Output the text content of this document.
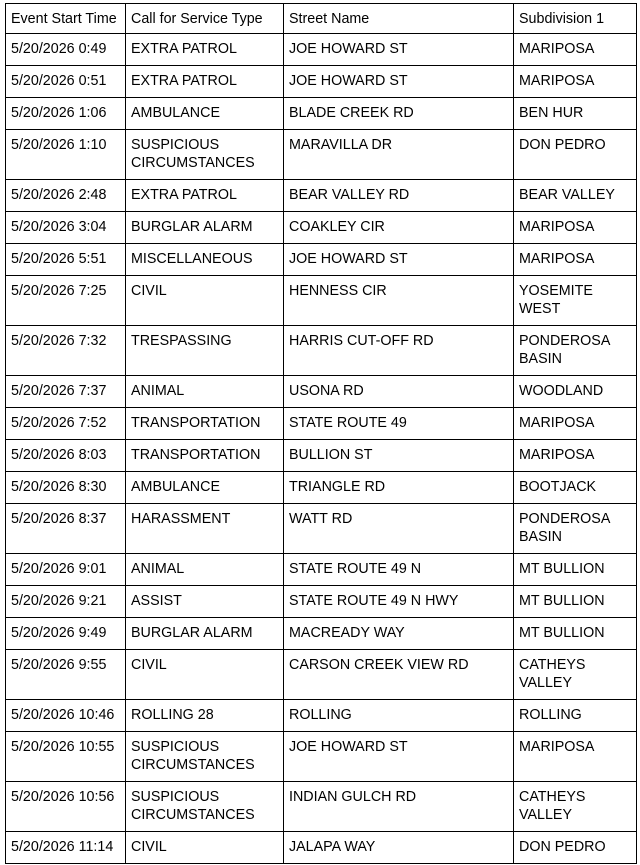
Event Start Time	Call for Service Type	Street Name	Subdivision 1
5/20/2026 0:49	EXTRA PATROL	JOE HOWARD ST	MARIPOSA
5/20/2026 0:51	EXTRA PATROL	JOE HOWARD ST	MARIPOSA
5/20/2026 1:06	AMBULANCE	BLADE CREEK RD	BEN HUR
5/20/2026 1:10	SUSPICIOUS CIRCUMSTANCES	MARAVILLA DR	DON PEDRO
5/20/2026 2:48	EXTRA PATROL	BEAR VALLEY RD	BEAR VALLEY
5/20/2026 3:04	BURGLAR ALARM	COAKLEY CIR	MARIPOSA
5/20/2026 5:51	MISCELLANEOUS	JOE HOWARD ST	MARIPOSA
5/20/2026 7:25	CIVIL	HENNESS CIR	YOSEMITE WEST
5/20/2026 7:32	TRESPASSING	HARRIS CUT-OFF RD	PONDEROSA BASIN
5/20/2026 7:37	ANIMAL	USONA RD	WOODLAND
5/20/2026 7:52	TRANSPORTATION	STATE ROUTE 49	MARIPOSA
5/20/2026 8:03	TRANSPORTATION	BULLION ST	MARIPOSA
5/20/2026 8:30	AMBULANCE	TRIANGLE RD	BOOTJACK
5/20/2026 8:37	HARASSMENT	WATT RD	PONDEROSA BASIN
5/20/2026 9:01	ANIMAL	STATE ROUTE 49 N	MT BULLION
5/20/2026 9:21	ASSIST	STATE ROUTE 49 N HWY	MT BULLION
5/20/2026 9:49	BURGLAR ALARM	MACREADY WAY	MT BULLION
5/20/2026 9:55	CIVIL	CARSON CREEK VIEW RD	CATHEYS VALLEY
5/20/2026 10:46	ROLLING 28	ROLLING	ROLLING
5/20/2026 10:55	SUSPICIOUS CIRCUMSTANCES	JOE HOWARD ST	MARIPOSA
5/20/2026 10:56	SUSPICIOUS CIRCUMSTANCES	INDIAN GULCH RD	CATHEYS VALLEY
5/20/2026 11:14	CIVIL	JALAPA WAY	DON PEDRO
